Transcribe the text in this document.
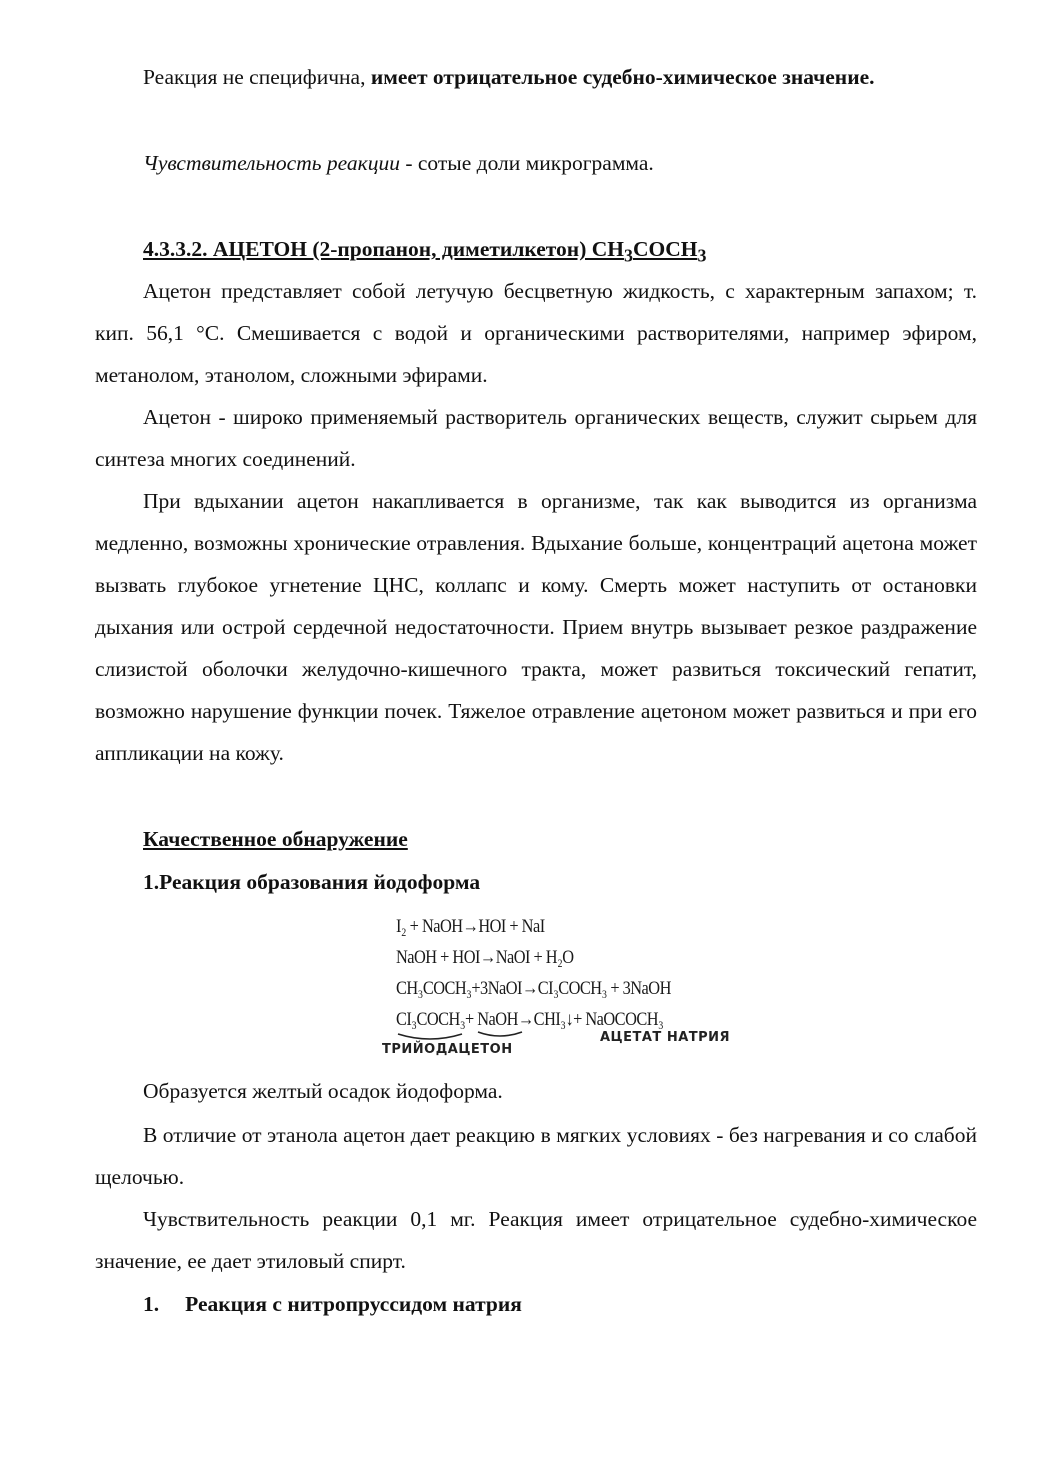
Реакция не специфична, имеет отрицательное судебно-химическое значение.

Чувствительность реакции - сотые доли микрограмма.

4.3.3.2. АЦЕТОН (2-пропанон, диметилкетон) $CH_3COCH_3$

Ацетон представляет собой летучую бесцветную жидкость, с характерным запахом; т. кип. 56,1 °С. Смешивается с водой и органическими растворителями, например эфиром, метанолом, этанолом, сложными эфирами.

Ацетон - широко применяемый растворитель органических веществ, служит сырьем для синтеза многих соединений.

При вдыхании ацетон накапливается в организме, так как выводится из организма медленно, возможны хронические отравления. Вдыхание больше, концентраций ацетона может вызвать глубокое угнетение ЦНС, коллапс и кому. Смерть может наступить от остановки дыхания или острой сердечной недостаточности. Прием внутрь вызывает резкое раздражение слизистой оболочки желудочно-кишечного тракта, может развиться токсический гепатит, возможно нарушение функции почек. Тяжелое отравление ацетоном может развиться и при его аппликации на кожу.

Качественное обнаружение
1.Реакция образования йодоформа
I₂ + NaOH→HOI + NaI
NaOH + HOI→NaOI + H₂O
CH₃COCH₃+3NaOI→CI₃COCH₃ + 3NaOH
CI₃COCH₃+ NaOH→CHI₃↓+ NaOCOCH₃
ТРИЙОДАЦЕТОН
АЦЕТАТ НАТРИЯ

Образуется желтый осадок йодоформа.

В отличие от этанола ацетон дает реакцию в мягких условиях - без нагревания и со слабой щелочью.

Чувствительность реакции 0,1 мг. Реакция имеет отрицательное судебно-химическое значение, ее дает этиловый спирт.

1. Реакция с нитропруссидом натрия
